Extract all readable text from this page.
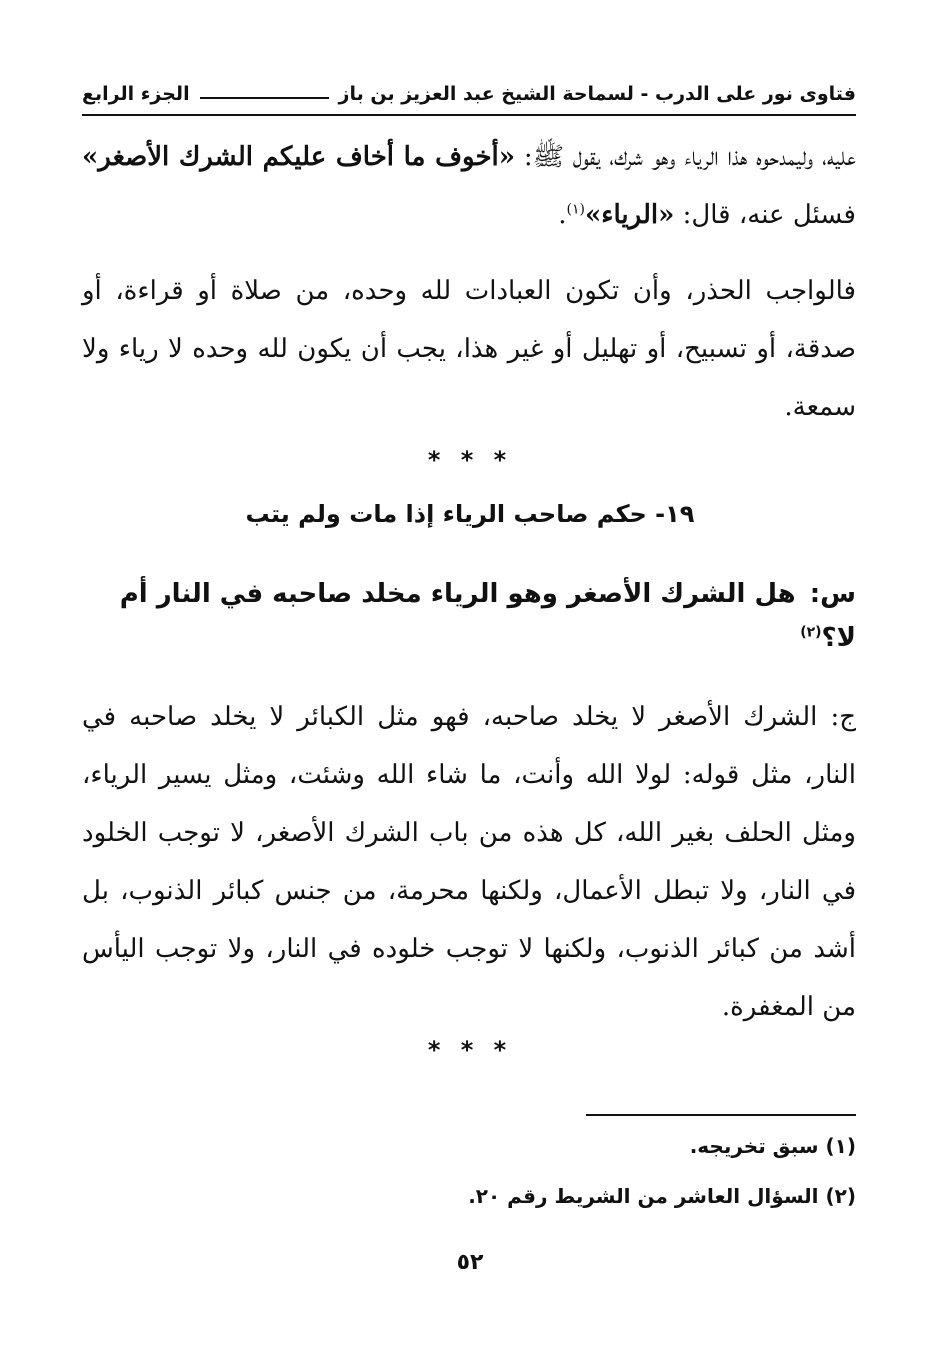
فتاوى نور على الدرب - لسماحة الشيخ عبد العزيز بن باز
الجزء الرابع

عليه، وليمدحوه هذا الرياء وهو شرك، يقول ﷺ: «أخوف ما أخاف عليكم الشرك الأصغر» فسئل عنه، قال: «الرياء»$^{(١)}$.

فالواجب الحذر، وأن تكون العبادات لله وحده، من صلاة أو قراءة، أو صدقة، أو تسبيح، أو تهليل أو غير هذا، يجب أن يكون لله وحده لا رياء ولا سمعة.

* * *
١٩- حكم صاحب الرياء إذا مات ولم يتب

س:هل الشرك الأصغر وهو الرياء مخلد صاحبه في النار أم لا؟$^{(٢)}$

ج: الشرك الأصغر لا يخلد صاحبه، فهو مثل الكبائر لا يخلد صاحبه في النار، مثل قوله: لولا الله وأنت، ما شاء الله وشئت، ومثل يسير الرياء، ومثل الحلف بغير الله، كل هذه من باب الشرك الأصغر، لا توجب الخلود في النار، ولا تبطل الأعمال، ولكنها محرمة، من جنس كبائر الذنوب، بل أشد من كبائر الذنوب، ولكنها لا توجب خلوده في النار، ولا توجب اليأس من المغفرة.

* * *
(١) سبق تخريجه.
(٢) السؤال العاشر من الشريط رقم ٢٠.
٥٢
